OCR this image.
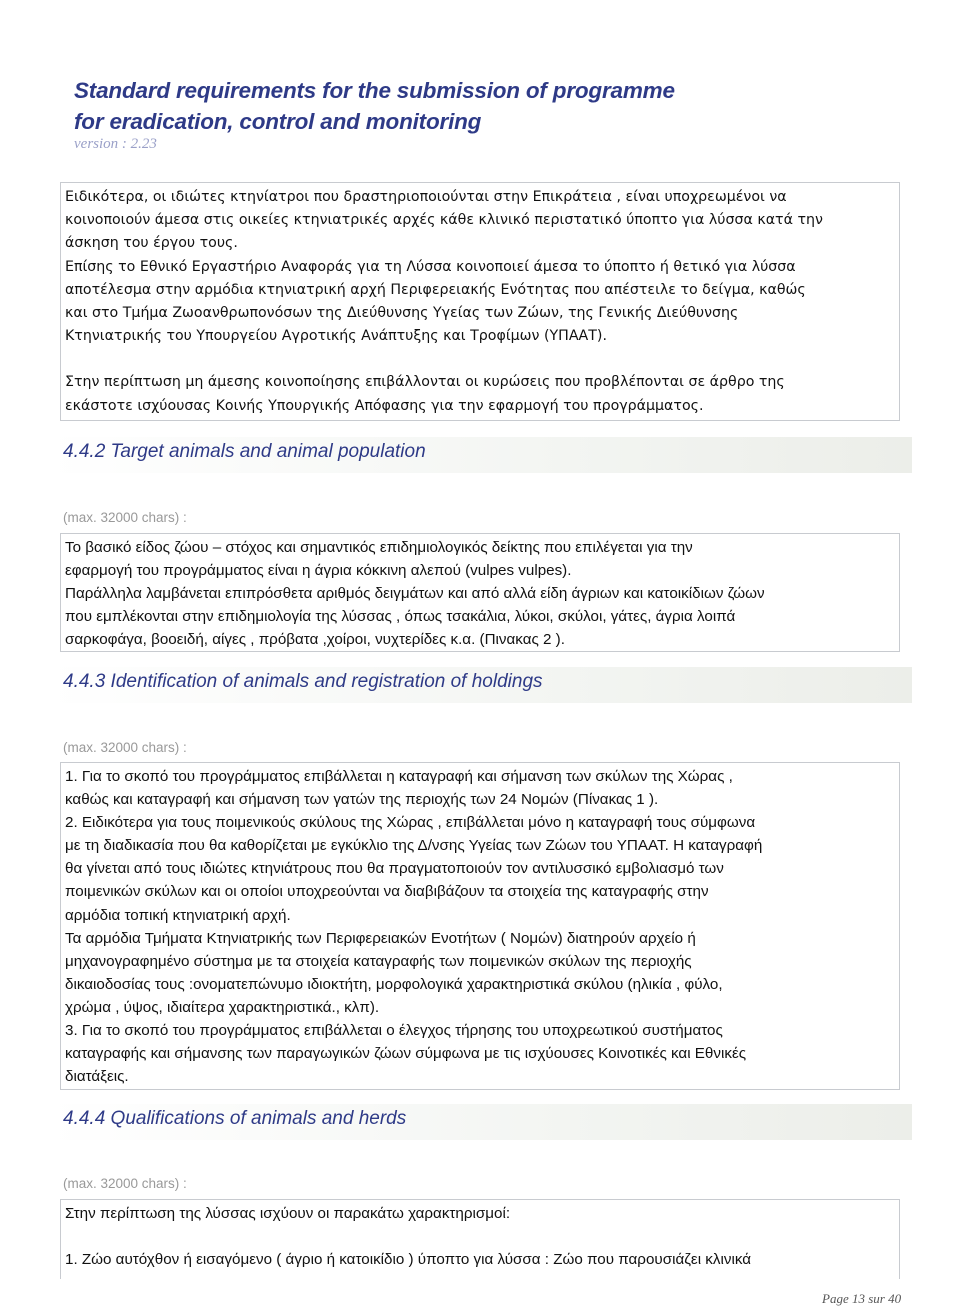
Standard requirements for the submission of programme
for eradication, control and monitoring
version : 2.23
Ειδικότερα, οι ιδιώτες κτηνίατροι που δραστηριοποιούνται στην Επικράτεια , είναι υποχρεωμένοι να
κοινοποιούν άμεσα στις οικείες κτηνιατρικές αρχές κάθε κλινικό περιστατικό ύποπτο για λύσσα κατά την
άσκηση του έργου τους.
Επίσης το Εθνικό Εργαστήριο Αναφοράς για τη Λύσσα κοινοποιεί άμεσα το ύποπτο ή θετικό για λύσσα
αποτέλεσμα στην αρμόδια κτηνιατρική αρχή Περιφερειακής Ενότητας που απέστειλε το δείγμα, καθώς
και στο Τμήμα Ζωοανθρωπονόσων της Διεύθυνσης Υγείας των Ζώων, της Γενικής Διεύθυνσης
Κτηνιατρικής του Υπουργείου Αγροτικής Ανάπτυξης και Τροφίμων (ΥΠΑΑΤ).
Στην περίπτωση μη άμεσης κοινοποίησης επιβάλλονται οι κυρώσεις που προβλέπονται σε άρθρο της
εκάστοτε ισχύουσας Κοινής Υπουργικής Απόφασης για την εφαρμογή του προγράμματος.
4.4.2 Target animals and animal population
(max. 32000 chars) :
Το βασικό είδος ζώου – στόχος και σημαντικός επιδημιολογικός δείκτης που επιλέγεται για την
εφαρμογή του προγράμματος είναι η άγρια κόκκινη αλεπού (vulpes vulpes).
Παράλληλα λαμβάνεται επιπρόσθετα αριθμός δειγμάτων και από αλλά είδη άγριων και κατοικίδιων ζώων
που εμπλέκονται στην επιδημιολογία της λύσσας , όπως τσακάλια, λύκοι, σκύλοι, γάτες, άγρια λοιπά
σαρκοφάγα, βοοειδή, αίγες , πρόβατα ,χοίροι, νυχτερίδες κ.α. (Πινακας 2 ).
4.4.3 Identification of animals and registration of holdings
(max. 32000 chars) :
1. Για το σκοπό του προγράμματος επιβάλλεται η καταγραφή και σήμανση των σκύλων της Χώρας ,
καθώς και καταγραφή και σήμανση των γατών της περιοχής των 24 Νομών (Πίνακας 1 ).
2. Ειδικότερα για τους ποιμενικούς σκύλους της Χώρας , επιβάλλεται μόνο η καταγραφή τους σύμφωνα
με τη διαδικασία που θα καθορίζεται με εγκύκλιο της Δ/νσης Υγείας των Ζώων του ΥΠΑΑΤ. Η καταγραφή
θα γίνεται από τους ιδιώτες κτηνιάτρους που θα πραγματοποιούν τον αντιλυσσικό εμβολιασμό των
ποιμενικών σκύλων και οι οποίοι υποχρεούνται να διαβιβάζουν τα στοιχεία της καταγραφής στην
αρμόδια τοπική κτηνιατρική αρχή.
Τα αρμόδια Τμήματα Κτηνιατρικής των Περιφερειακών Ενοτήτων ( Νομών) διατηρούν αρχείο ή
μηχανογραφημένο σύστημα με τα στοιχεία καταγραφής των ποιμενικών σκύλων της περιοχής
δικαιοδοσίας τους :ονοματεπώνυμο ιδιοκτήτη, μορφολογικά χαρακτηριστικά σκύλου (ηλικία , φύλο,
χρώμα , ύψος, ιδιαίτερα χαρακτηριστικά., κλπ).
3. Για το σκοπό του προγράμματος επιβάλλεται ο έλεγχος τήρησης του υποχρεωτικού συστήματος
καταγραφής και σήμανσης των παραγωγικών ζώων σύμφωνα με τις ισχύουσες Κοινοτικές και Εθνικές
διατάξεις.
4.4.4 Qualifications of animals and herds
(max. 32000 chars) :
Στην περίπτωση της λύσσας ισχύουν οι παρακάτω χαρακτηρισμοί:
1. Ζώο αυτόχθον ή εισαγόμενο ( άγριο ή κατοικίδιο ) ύποπτο για λύσσα : Ζώο που παρουσιάζει κλινικά
Page 13 sur 40
